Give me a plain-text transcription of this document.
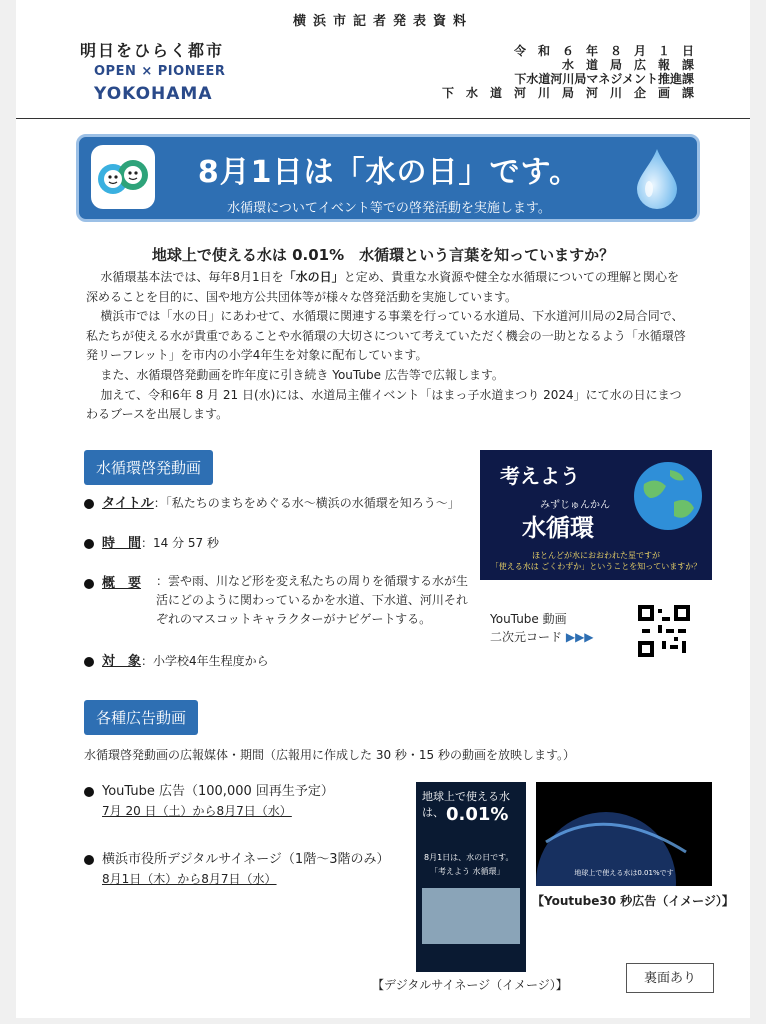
横浜市記者発表資料
明日をひらく都市
OPEN × PIONEER
YOKOHAMA
令　和　６　年　８　月　１　日
水　道　局　広　報　課
下水道河川局マネジメント推進課
下　水　道　河　川　局　河　川　企　画　課
8月1日は「水の日」です。
水循環についてイベント等での啓発活動を実施します。
地球上で使える水は 0.01%　水循環という言葉を知っていますか？

水循環基本法では、毎年8月1日を「水の日」と定め、貴重な水資源や健全な水循環についての理解と関心を深めることを目的に、国や地方公共団体等が様々な啓発活動を実施しています。

横浜市では「水の日」にあわせて、水循環に関連する事業を行っている水道局、下水道河川局の2局合同で、私たちが使える水が貴重であることや水循環の大切さについて考えていただく機会の一助となるよう「水循環啓発リーフレット」を市内の小学4年生を対象に配布しています。

また、水循環啓発動画を昨年度に引き続き YouTube 広告等で広報します。

加えて、令和6年 8 月 21 日(水)には、水道局主催イベント「はまっ子水道まつり 2024」にて水の日にまつわるブースを出展します。

水循環啓発動画
タイトル：「私たちのまちをめぐる水～横浜の水循環を知ろう～」
時　間：14 分 57 秒
概　要	：雲や雨、川など形を変え私たちの周りを循環する水が生活にどのように関わっているかを水道、下水道、河川それぞれのマスコットキャラクターがナビゲートする。
対　象：小学校4年生程度から
考えよう
みずじゅんかん
水循環
ほとんどが水におおわれた星ですが
「使える水は ごくわずか」ということを知っていますか？
YouTube 動画
二次元コード ▶▶▶
各種広告動画
水循環啓発動画の広報媒体・期間（広報用に作成した 30 秒・15 秒の動画を放映します。）
YouTube 広告（100,000 回再生予定）
7月 20 日（土）から8月7日（水）
横浜市役所デジタルサイネージ（1階～3階のみ）
8月1日（木）から8月7日（水）
地球上で使える水は、 0.01%
8月1日は、水の日です。
「考えよう 水循環」	地球上で使える水は0.01%です
【Youtube30 秒広告（イメージ）】
【デジタルサイネージ（イメージ）】	裏面あり
